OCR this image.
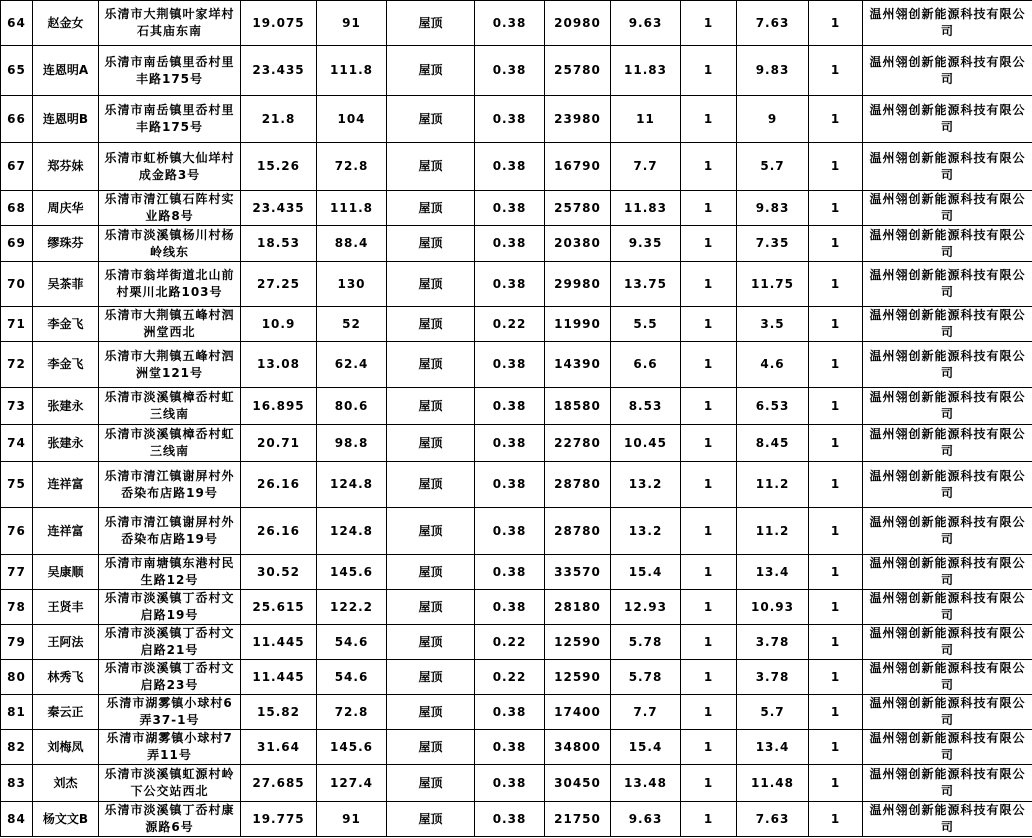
64	赵金女	乐清市大荆镇叶家垟村石其庙东南	19.075	91	屋顶	0.38	20980	9.63	1	7.63	1	温州翎创新能源科技有限公司
65	连恩明A	乐清市南岳镇里岙村里丰路175号	23.435	111.8	屋顶	0.38	25780	11.83	1	9.83	1	温州翎创新能源科技有限公司
66	连恩明B	乐清市南岳镇里岙村里丰路175号	21.8	104	屋顶	0.38	23980	11	1	9	1	温州翎创新能源科技有限公司
67	郑芬妹	乐清市虹桥镇大仙垟村成金路3号	15.26	72.8	屋顶	0.38	16790	7.7	1	5.7	1	温州翎创新能源科技有限公司
68	周庆华	乐清市清江镇石阵村实业路8号	23.435	111.8	屋顶	0.38	25780	11.83	1	9.83	1	温州翎创新能源科技有限公司
69	缪珠芬	乐清市淡溪镇杨川村杨岭线东	18.53	88.4	屋顶	0.38	20380	9.35	1	7.35	1	温州翎创新能源科技有限公司
70	吴茶菲	乐清市翁垟街道北山前村栗川北路103号	27.25	130	屋顶	0.38	29980	13.75	1	11.75	1	温州翎创新能源科技有限公司
71	李金飞	乐清市大荆镇五峰村泗洲堂西北	10.9	52	屋顶	0.22	11990	5.5	1	3.5	1	温州翎创新能源科技有限公司
72	李金飞	乐清市大荆镇五峰村泗洲堂121号	13.08	62.4	屋顶	0.38	14390	6.6	1	4.6	1	温州翎创新能源科技有限公司
73	张建永	乐清市淡溪镇樟岙村虹三线南	16.895	80.6	屋顶	0.38	18580	8.53	1	6.53	1	温州翎创新能源科技有限公司
74	张建永	乐清市淡溪镇樟岙村虹三线南	20.71	98.8	屋顶	0.38	22780	10.45	1	8.45	1	温州翎创新能源科技有限公司
75	连祥富	乐清市清江镇谢屏村外岙染布店路19号	26.16	124.8	屋顶	0.38	28780	13.2	1	11.2	1	温州翎创新能源科技有限公司
76	连祥富	乐清市清江镇谢屏村外岙染布店路19号	26.16	124.8	屋顶	0.38	28780	13.2	1	11.2	1	温州翎创新能源科技有限公司
77	吴康顺	乐清市南塘镇东港村民生路12号	30.52	145.6	屋顶	0.38	33570	15.4	1	13.4	1	温州翎创新能源科技有限公司
78	王贤丰	乐清市淡溪镇丁岙村文启路19号	25.615	122.2	屋顶	0.38	28180	12.93	1	10.93	1	温州翎创新能源科技有限公司
79	王阿法	乐清市淡溪镇丁岙村文启路21号	11.445	54.6	屋顶	0.22	12590	5.78	1	3.78	1	温州翎创新能源科技有限公司
80	林秀飞	乐清市淡溪镇丁岙村文启路23号	11.445	54.6	屋顶	0.22	12590	5.78	1	3.78	1	温州翎创新能源科技有限公司
81	秦云正	乐清市湖雾镇小球村6弄37-1号	15.82	72.8	屋顶	0.38	17400	7.7	1	5.7	1	温州翎创新能源科技有限公司
82	刘梅凤	乐清市湖雾镇小球村7弄11号	31.64	145.6	屋顶	0.38	34800	15.4	1	13.4	1	温州翎创新能源科技有限公司
83	刘杰	乐清市淡溪镇虹源村岭下公交站西北	27.685	127.4	屋顶	0.38	30450	13.48	1	11.48	1	温州翎创新能源科技有限公司
84	杨文文B	乐清市淡溪镇丁岙村康源路6号	19.775	91	屋顶	0.38	21750	9.63	1	7.63	1	温州翎创新能源科技有限公司
